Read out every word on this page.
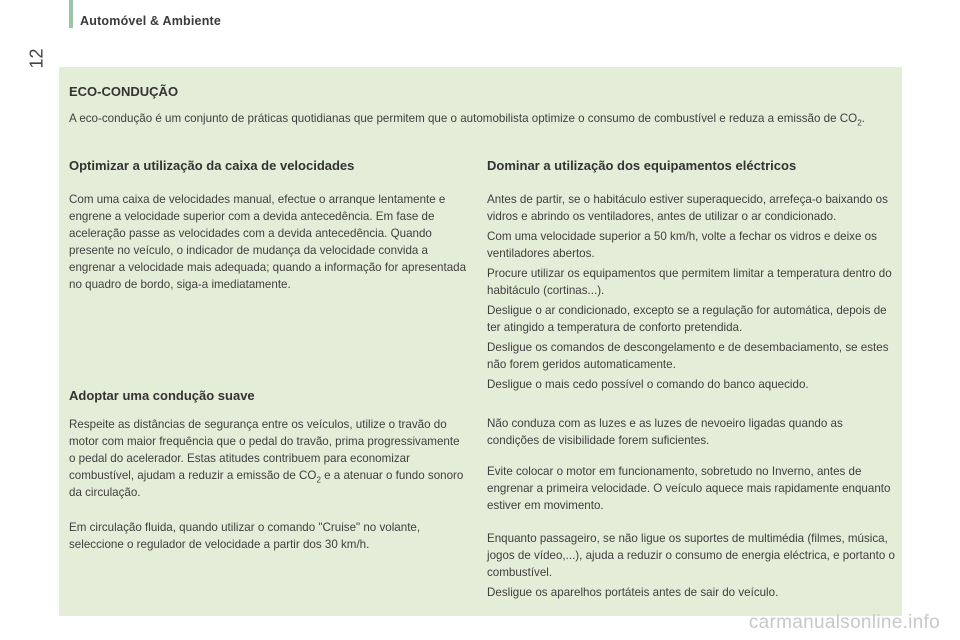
Automóvel & Ambiente
12
ECO-CONDUÇÃO
A eco-condução é um conjunto de práticas quotidianas que permitem que o automobilista optimize o consumo de combustível e reduza a emissão de $CO_2$.
Optimizar a utilização da caixa de velocidades

Com uma caixa de velocidades manual, efectue o arranque lentamente e engrene a velocidade superior com a devida antecedência. Em fase de aceleração passe as velocidades com a devida antecedência. Quando presente no veículo, o indicador de mudança da velocidade convida a engrenar a velocidade mais adequada; quando a informação for apresentada no quadro de bordo, siga-a imediatamente.

Adoptar uma condução suave

Respeite as distâncias de segurança entre os veículos, utilize o travão do motor com maior frequência que o pedal do travão, prima progressivamente o pedal do acelerador. Estas atitudes contribuem para economizar combustível, ajudam a reduzir a emissão de $CO_2$ e a atenuar o fundo sonoro da circulação.

Em circulação fluida, quando utilizar o comando "Cruise" no volante, seleccione o regulador de velocidade a partir dos 30 km/h.

Dominar a utilização dos equipamentos eléctricos

Antes de partir, se o habitáculo estiver superaquecido, arrefeça-o baixando os vidros e abrindo os ventiladores, antes de utilizar o ar condicionado.

Com uma velocidade superior a 50 km/h, volte a fechar os vidros e deixe os ventiladores abertos.

Procure utilizar os equipamentos que permitem limitar a temperatura dentro do habitáculo (cortinas...).

Desligue o ar condicionado, excepto se a regulação for automática, depois de ter atingido a temperatura de conforto pretendida.

Desligue os comandos de descongelamento e de desembaciamento, se estes não forem geridos automaticamente.

Desligue o mais cedo possível o comando do banco aquecido.

Não conduza com as luzes e as luzes de nevoeiro ligadas quando as condições de visibilidade forem suficientes.

Evite colocar o motor em funcionamento, sobretudo no Inverno, antes de engrenar a primeira velocidade. O veículo aquece mais rapidamente enquanto estiver em movimento.

Enquanto passageiro, se não ligue os suportes de multimédia (filmes, música, jogos de vídeo,...), ajuda a reduzir o consumo de energia eléctrica, e portanto o combustível.

Desligue os aparelhos portáteis antes de sair do veículo.

carmanualsonline.info
